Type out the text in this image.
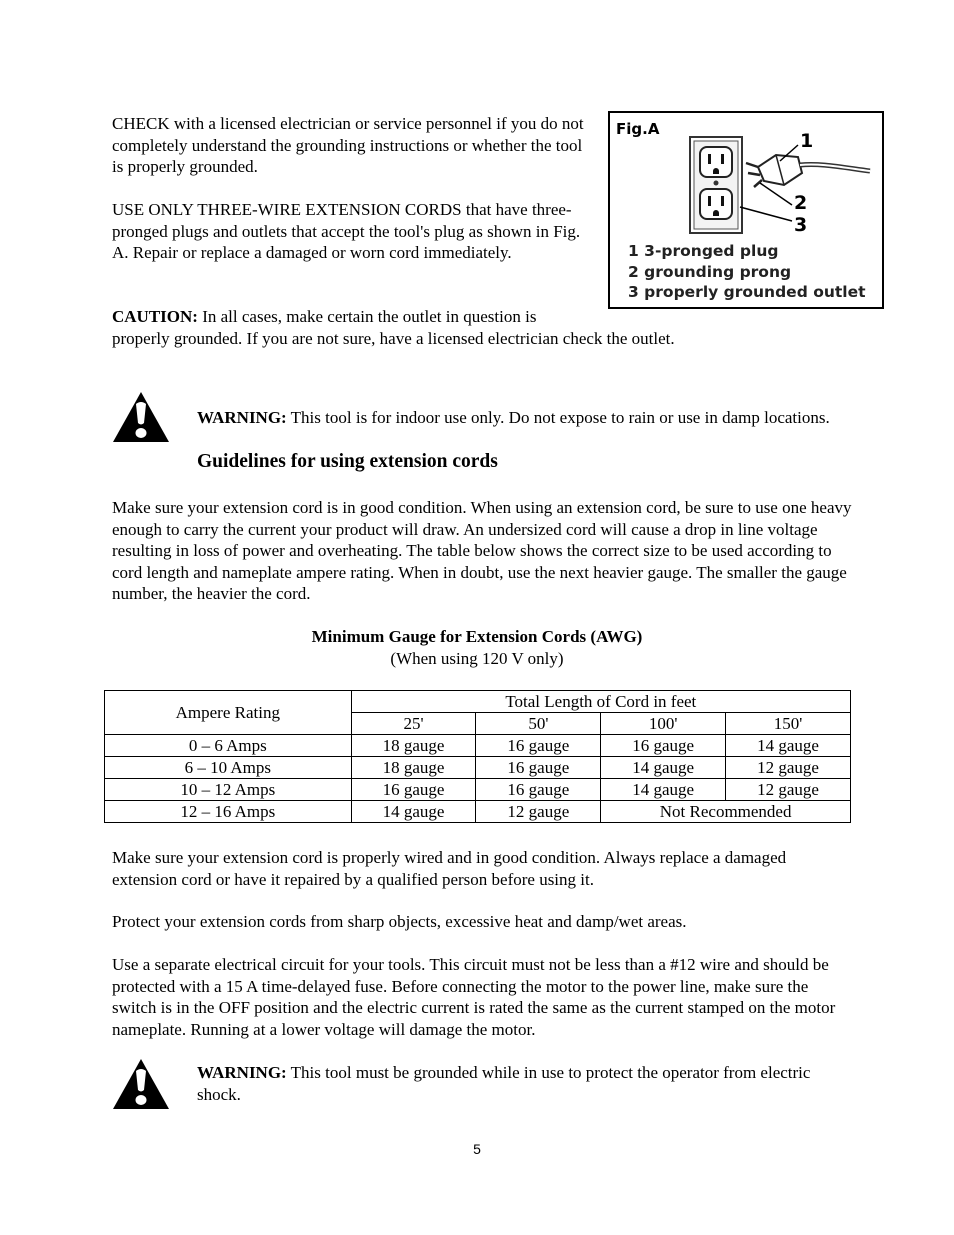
CHECK with a licensed electrician or service personnel if you do not completely understand the grounding instructions or whether the tool is properly grounded.

USE ONLY THREE-WIRE EXTENSION CORDS that have three-pronged plugs and outlets that accept the tool's plug as shown in Fig. A. Repair or replace a damaged or worn cord immediately.

CAUTION: In all cases, make certain the outlet in question is

properly grounded. If you are not sure, have a licensed electrician check the outlet.

Fig.A
1
2
3
1 3-pronged plug
2 grounding prong
3 properly grounded outlet

WARNING: This tool is for indoor use only. Do not expose to rain or use in damp locations.

Guidelines for using extension cords

Make sure your extension cord is in good condition. When using an extension cord, be sure to use one heavy enough to carry the current your product will draw. An undersized cord will cause a drop in line voltage resulting in loss of power and overheating. The table below shows the correct size to be used according to cord length and nameplate ampere rating. When in doubt, use the next heavier gauge. The smaller the gauge number, the heavier the cord.

Minimum Gauge for Extension Cords (AWG)
(When using 120 V only)
Ampere Rating	Total Length of Cord in feet			
	25'	50'	100'	150'
0 – 6 Amps	18 gauge	16 gauge	16 gauge	14 gauge
6 – 10 Amps	18 gauge	16 gauge	14 gauge	12 gauge
10 – 12 Amps	16 gauge	16 gauge	14 gauge	12 gauge
12 – 16 Amps	14 gauge	12 gauge	Not Recommended	

Make sure your extension cord is properly wired and in good condition. Always replace a damaged extension cord or have it repaired by a qualified person before using it.

Protect your extension cords from sharp objects, excessive heat and damp/wet areas.

Use a separate electrical circuit for your tools. This circuit must not be less than a #12 wire and should be protected with a 15 A time-delayed fuse. Before connecting the motor to the power line, make sure the switch is in the OFF position and the electric current is rated the same as the current stamped on the motor nameplate. Running at a lower voltage will damage the motor.

WARNING: This tool must be grounded while in use to protect the operator from electric shock.

5
